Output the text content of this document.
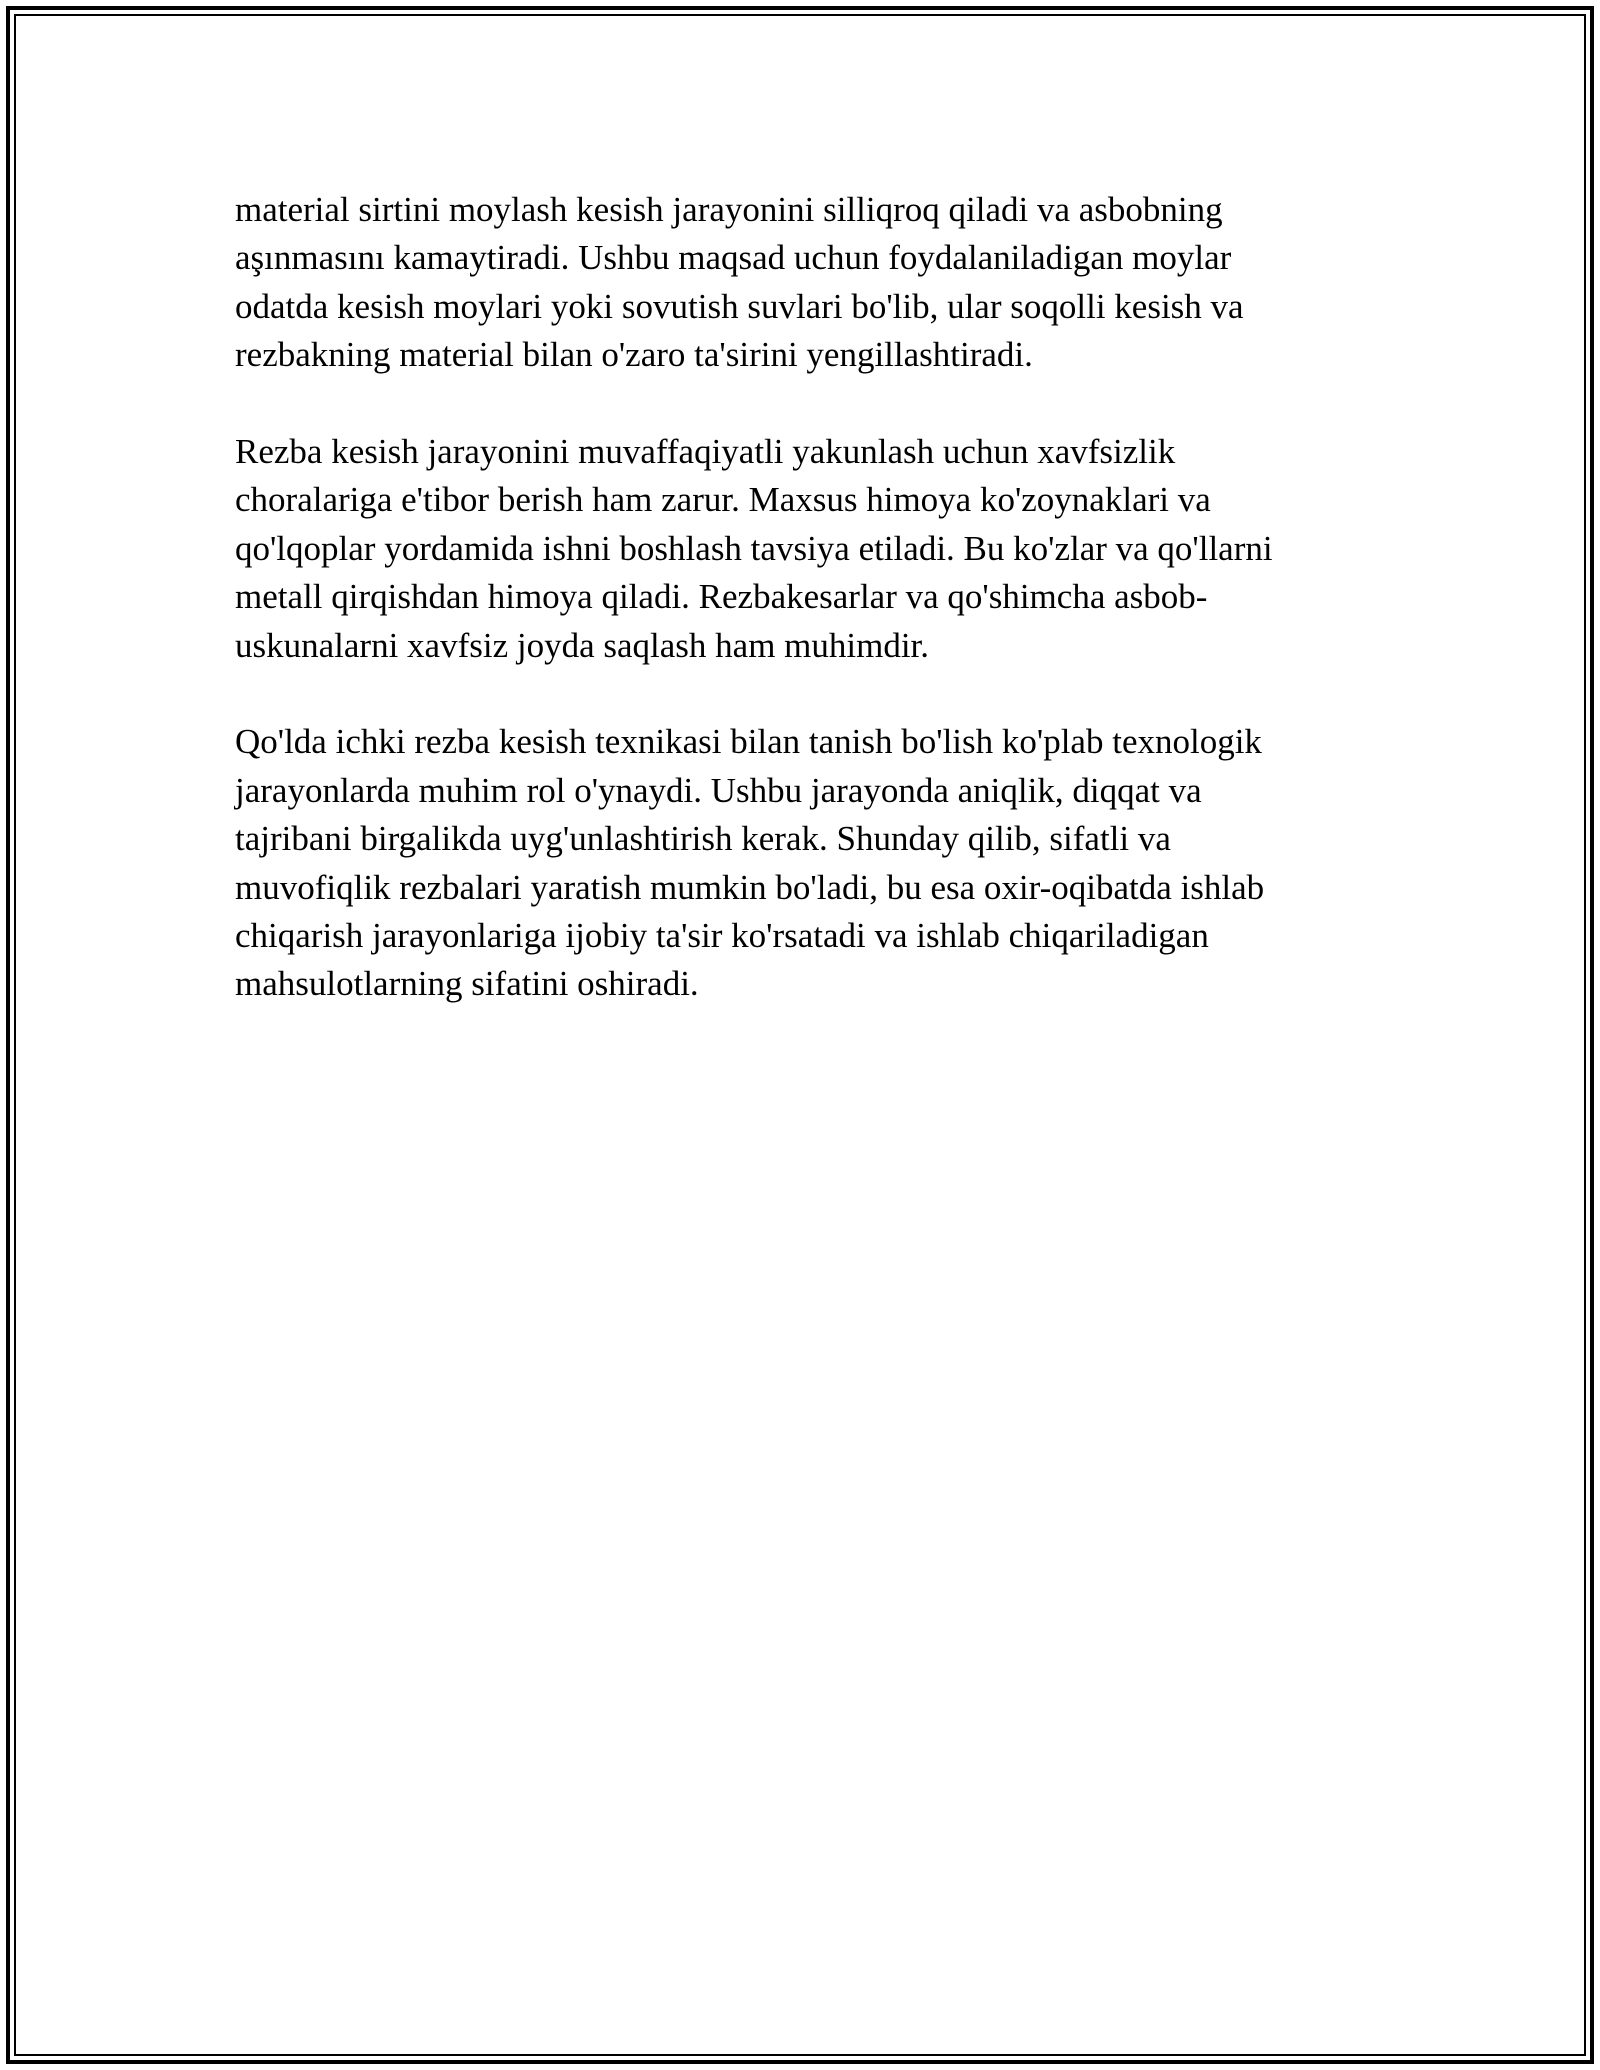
material sirtini moylash kesish jarayonini silliqroq qiladi va asbobning
aşınmasını kamaytiradi. Ushbu maqsad uchun foydalaniladigan moylar
odatda kesish moylari yoki sovutish suvlari bo'lib, ular soqolli kesish va
rezbakning material bilan o'zaro ta'sirini yengillashtiradi.

Rezba kesish jarayonini muvaffaqiyatli yakunlash uchun xavfsizlik
choralariga e'tibor berish ham zarur. Maxsus himoya ko'zoynaklari va
qo'lqoplar yordamida ishni boshlash tavsiya etiladi. Bu ko'zlar va qo'llarni
metall qirqishdan himoya qiladi. Rezbakesarlar va qo'shimcha asbob-
uskunalarni xavfsiz joyda saqlash ham muhimdir.

Qo'lda ichki rezba kesish texnikasi bilan tanish bo'lish ko'plab texnologik
jarayonlarda muhim rol o'ynaydi. Ushbu jarayonda aniqlik, diqqat va
tajribani birgalikda uyg'unlashtirish kerak. Shunday qilib, sifatli va
muvofiqlik rezbalari yaratish mumkin bo'ladi, bu esa oxir-oqibatda ishlab
chiqarish jarayonlariga ijobiy ta'sir ko'rsatadi va ishlab chiqariladigan
mahsulotlarning sifatini oshiradi.
